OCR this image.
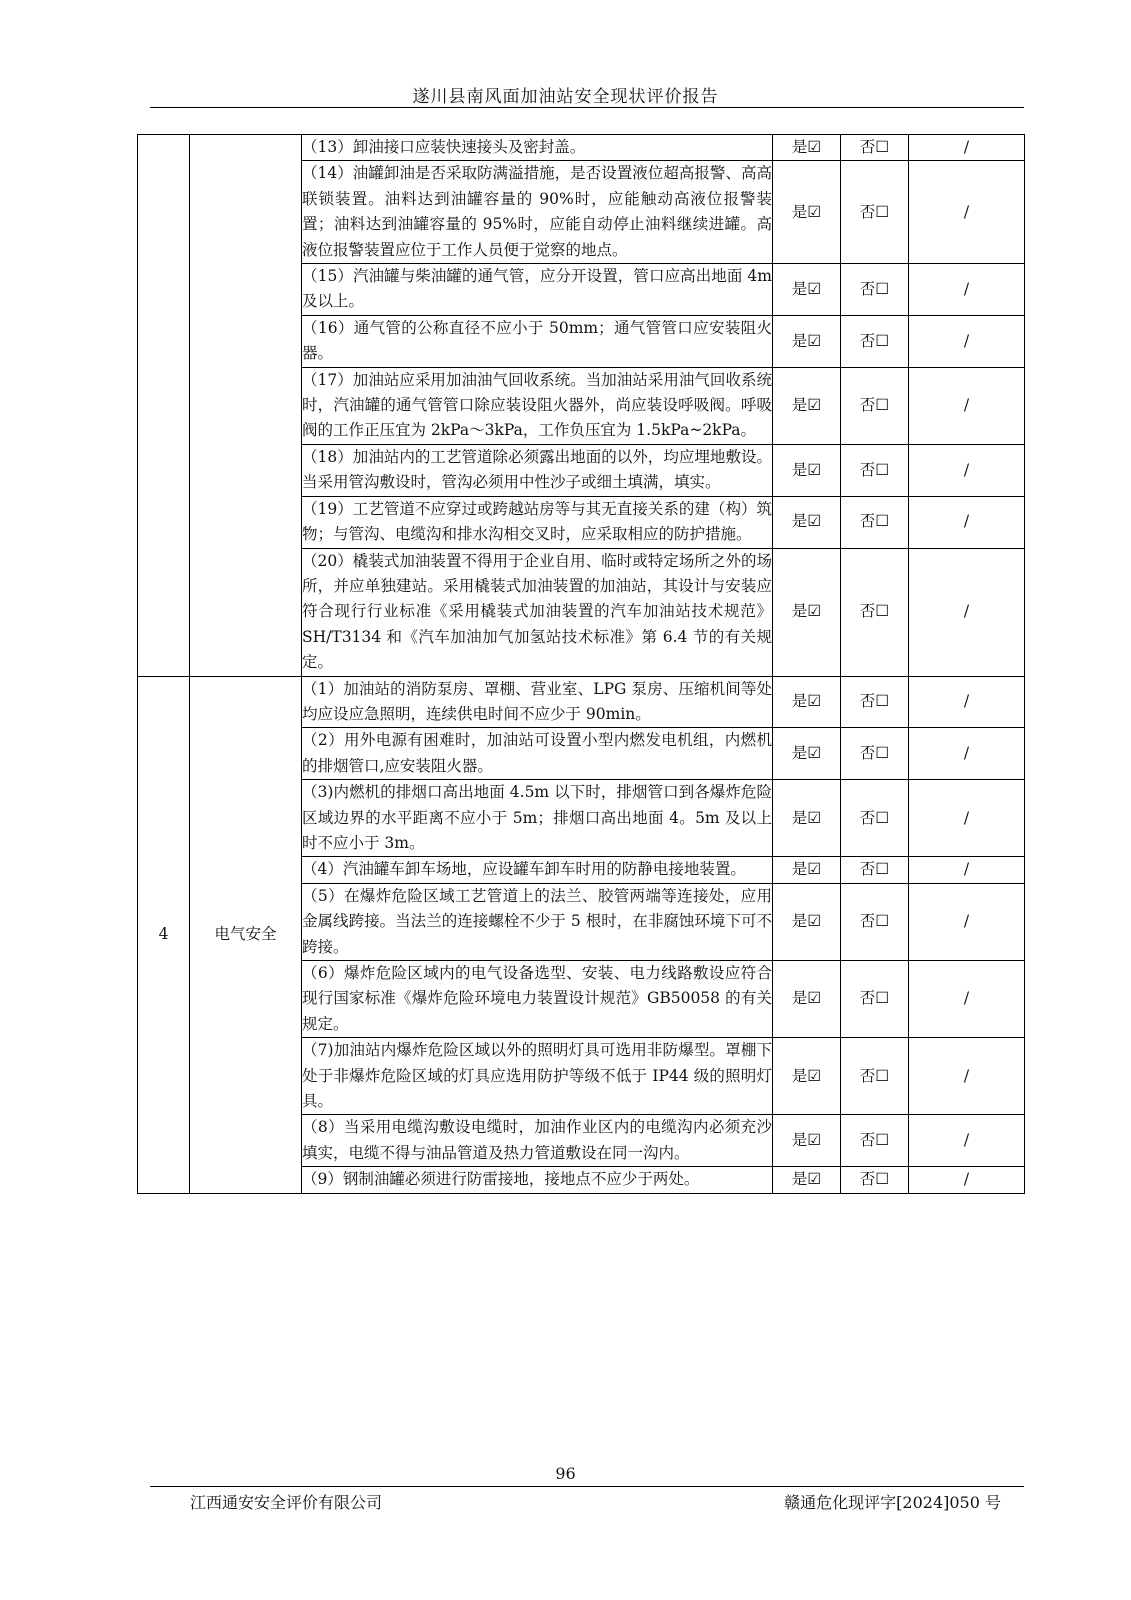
遂川县南风面加油站安全现状评价报告
		（13）卸油接口应装快速接头及密封盖。	是☑	否☐	/
		（14）油罐卸油是否采取防满溢措施，是否设置液位超高报警、高高联锁装置。油料达到油罐容量的 90%时，应能触动高液位报警装置；油料达到油罐容量的 95%时，应能自动停止油料继续进罐。高液位报警装置应位于工作人员便于觉察的地点。	是☑	否☐	/
		（15）汽油罐与柴油罐的通气管，应分开设置，管口应高出地面 4m 及以上。	是☑	否☐	/
		（16）通气管的公称直径不应小于 50mm；通气管管口应安装阻火器。	是☑	否☐	/
		（17）加油站应采用加油油气回收系统。当加油站采用油气回收系统时，汽油罐的通气管管口除应装设阻火器外，尚应装设呼吸阀。呼吸阀的工作正压宜为 2kPa～3kPa，工作负压宜为 1.5kPa~2kPa。	是☑	否☐	/
		（18）加油站内的工艺管道除必须露出地面的以外，均应埋地敷设。当采用管沟敷设时，管沟必须用中性沙子或细土填满，填实。	是☑	否☐	/
		（19）工艺管道不应穿过或跨越站房等与其无直接关系的建（构）筑物；与管沟、电缆沟和排水沟相交叉时，应采取相应的防护措施。	是☑	否☐	/
		（20）橇装式加油装置不得用于企业自用、临时或特定场所之外的场所，并应单独建站。采用橇装式加油装置的加油站，其设计与安装应符合现行行业标准《采用橇装式加油装置的汽车加油站技术规范》SH/T3134 和《汽车加油加气加氢站技术标准》第 6.4 节的有关规定。	是☑	否☐	/
4	电气安全	（1）加油站的消防泵房、罩棚、营业室、LPG 泵房、压缩机间等处均应设应急照明，连续供电时间不应少于 90min。	是☑	否☐	/
		（2）用外电源有困难时，加油站可设置小型内燃发电机组，内燃机的排烟管口,应安装阻火器。	是☑	否☐	/
		（3)内燃机的排烟口高出地面 4.5m 以下时，排烟管口到各爆炸危险区域边界的水平距离不应小于 5m；排烟口高出地面 4。5m 及以上时不应小于 3m。	是☑	否☐	/
		（4）汽油罐车卸车场地，应设罐车卸车时用的防静电接地装置。	是☑	否☐	/
		（5）在爆炸危险区域工艺管道上的法兰、胶管两端等连接处，应用金属线跨接。当法兰的连接螺栓不少于 5 根时，在非腐蚀环境下可不跨接。	是☑	否☐	/
		（6）爆炸危险区域内的电气设备选型、安装、电力线路敷设应符合现行国家标准《爆炸危险环境电力装置设计规范》GB50058 的有关规定。	是☑	否☐	/
		（7)加油站内爆炸危险区域以外的照明灯具可选用非防爆型。罩棚下处于非爆炸危险区域的灯具应选用防护等级不低于 IP44 级的照明灯具。	是☑	否☐	/
		（8）当采用电缆沟敷设电缆时，加油作业区内的电缆沟内必须充沙填实，电缆不得与油品管道及热力管道敷设在同一沟内。	是☑	否☐	/
		（9）钢制油罐必须进行防雷接地，接地点不应少于两处。	是☑	否☐	/
96
江西通安安全评价有限公司	赣通危化现评字[2024]050 号
